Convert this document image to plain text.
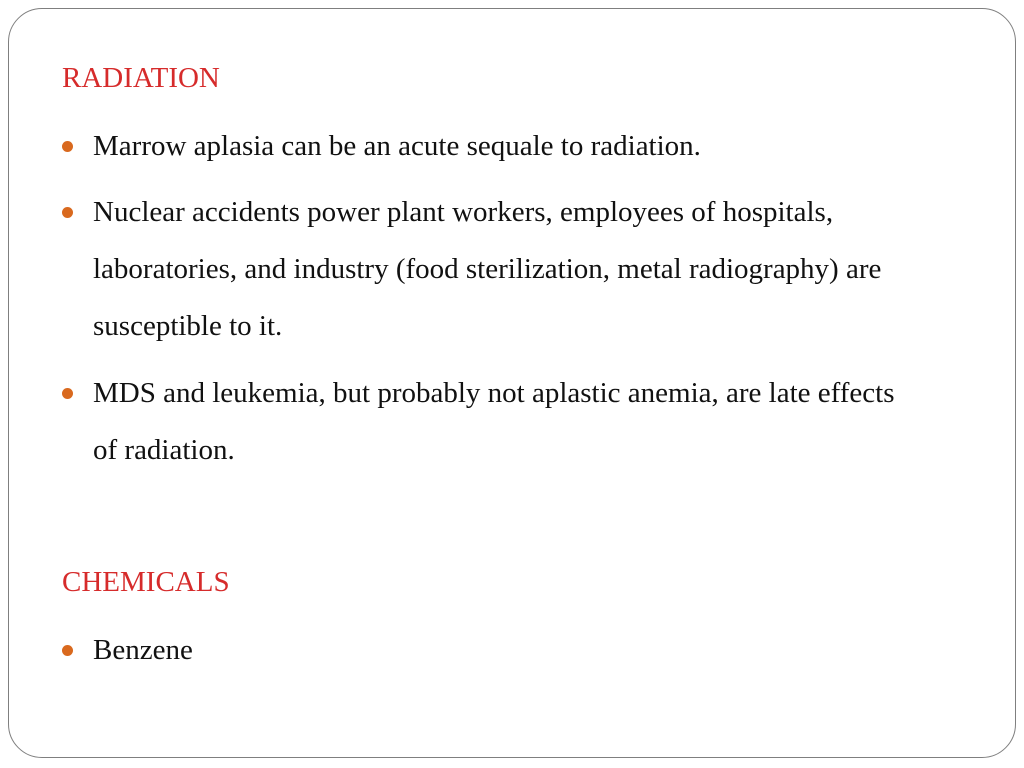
RADIATION
Marrow aplasia can be an acute sequale to radiation.
Nuclear accidents power plant workers, employees of hospitals, laboratories, and industry (food sterilization, metal radiography) are susceptible to it.
MDS and leukemia, but probably not aplastic anemia, are late effects of radiation.
CHEMICALS
Benzene
